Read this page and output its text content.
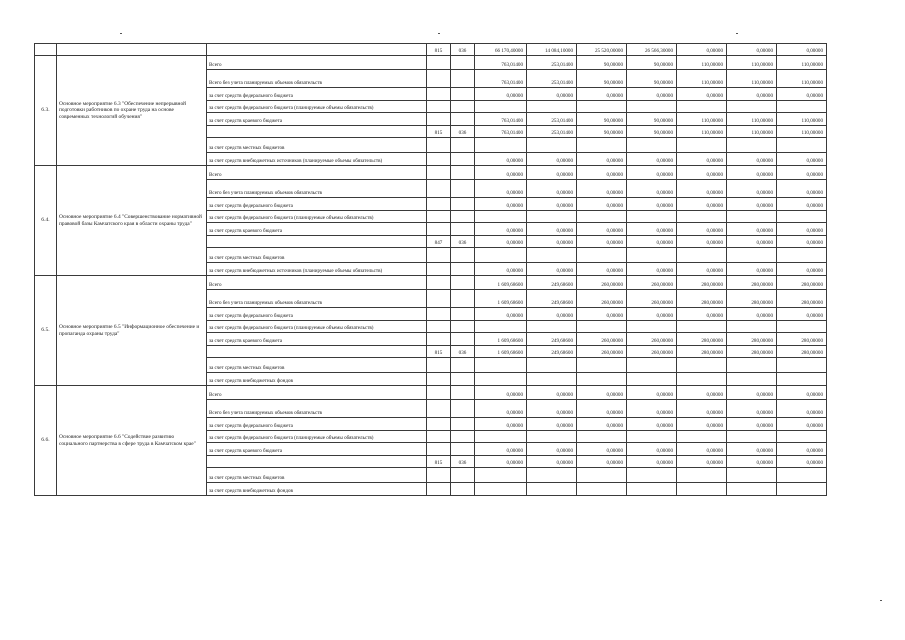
			815	036	66 170,40000	14 084,10000	25 520,00000	26 566,30000	0,00000	0,00000	0,00000
6.3.	Основное мероприятие 6.3 "Обеспечение непрерывной подготовки работников по охране труда на основе современных технологий обучения"	Всего			763,01400	253,01400	90,00000	90,00000	110,00000	110,00000	110,00000
		Всего без учета планируемых объемов обязательств			763,01400	253,01400	90,00000	90,00000	110,00000	110,00000	110,00000
		за счет средств федерального бюджета			0,00000	0,00000	0,00000	0,00000	0,00000	0,00000	0,00000
		за счет средств федерального бюджета (планируемые объемы обязательств)									
		за счет средств краевого бюджета			763,01400	253,01400	90,00000	90,00000	110,00000	110,00000	110,00000
			815	036	763,01400	253,01400	90,00000	90,00000	110,00000	110,00000	110,00000
		за счет средств местных бюджетов									
		за счет средств внебюджетных источников (планируемые объемы обязательств)			0,00000	0,00000	0,00000	0,00000	0,00000	0,00000	0,00000
6.4.	Основное мероприятие 6.4 "Совершенствование нормативной правовой базы Камчатского края в области охраны труда"	Всего			0,00000	0,00000	0,00000	0,00000	0,00000	0,00000	0,00000
		Всего без учета планируемых объемов обязательств			0,00000	0,00000	0,00000	0,00000	0,00000	0,00000	0,00000
		за счет средств федерального бюджета			0,00000	0,00000	0,00000	0,00000	0,00000	0,00000	0,00000
		за счет средств федерального бюджета (планируемые объемы обязательств)									
		за счет средств краевого бюджета			0,00000	0,00000	0,00000	0,00000	0,00000	0,00000	0,00000
			847	036	0,00000	0,00000	0,00000	0,00000	0,00000	0,00000	0,00000
		за счет средств местных бюджетов									
		за счет средств внебюджетных источников (планируемые объемы обязательств)			0,00000	0,00000	0,00000	0,00000	0,00000	0,00000	0,00000
6.5.	Основное мероприятие 6.5 "Информационное обеспечение и пропаганда охраны труда"	Всего			1 609,68600	249,68600	260,00000	260,00000	280,00000	280,00000	280,00000
		Всего без учета планируемых объемов обязательств			1 609,68600	249,68600	260,00000	260,00000	280,00000	280,00000	280,00000
		за счет средств федерального бюджета			0,00000	0,00000	0,00000	0,00000	0,00000	0,00000	0,00000
		за счет средств федерального бюджета (планируемые объемы обязательств)									
		за счет средств краевого бюджета			1 609,68600	249,68600	260,00000	260,00000	280,00000	280,00000	280,00000
			815	036	1 609,68600	249,68600	260,00000	260,00000	280,00000	280,00000	280,00000
		за счет средств местных бюджетов									
		за счет средств внебюджетных фондов									
6.6.	Основное мероприятие 6.6 "Содействие развитию социального партнерства в сфере труда в Камчатском крае"	Всего			0,00000	0,00000	0,00000	0,00000	0,00000	0,00000	0,00000
		Всего без учета планируемых объемов обязательств			0,00000	0,00000	0,00000	0,00000	0,00000	0,00000	0,00000
		за счет средств федерального бюджета			0,00000	0,00000	0,00000	0,00000	0,00000	0,00000	0,00000
		за счет средств федерального бюджета (планируемые объемы обязательств)									
		за счет средств краевого бюджета			0,00000	0,00000	0,00000	0,00000	0,00000	0,00000	0,00000
			815	036	0,00000	0,00000	0,00000	0,00000	0,00000	0,00000	0,00000
		за счет средств местных бюджетов									
		за счет средств внебюджетных фондов									
